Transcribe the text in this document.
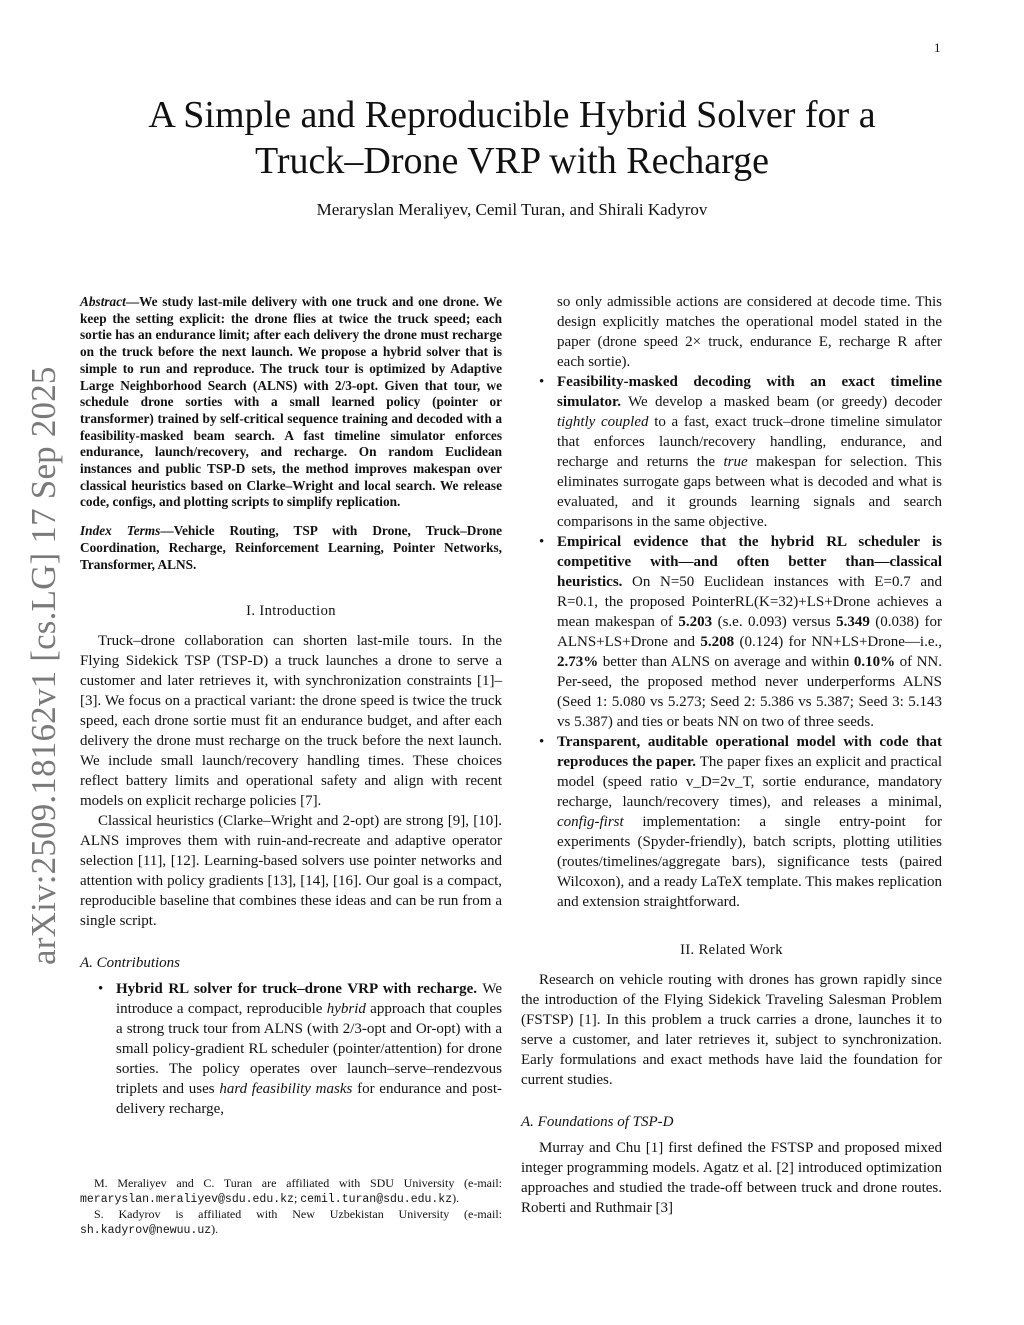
1
arXiv:2509.18162v1 [cs.LG] 17 Sep 2025
A Simple and Reproducible Hybrid Solver for a
Truck–Drone VRP with Recharge
Meraryslan Meraliyev, Cemil Turan, and Shirali Kadyrov

Abstract—We study last-mile delivery with one truck and one drone. We keep the setting explicit: the drone flies at twice the truck speed; each sortie has an endurance limit; after each delivery the drone must recharge on the truck before the next launch. We propose a hybrid solver that is simple to run and reproduce. The truck tour is optimized by Adaptive Large Neighborhood Search (ALNS) with 2/3-opt. Given that tour, we schedule drone sorties with a small learned policy (pointer or transformer) trained by self-critical sequence training and decoded with a feasibility-masked beam search. A fast timeline simulator enforces endurance, launch/recovery, and recharge. On random Euclidean instances and public TSP-D sets, the method improves makespan over classical heuristics based on Clarke–Wright and local search. We release code, configs, and plotting scripts to simplify replication.

Index Terms—Vehicle Routing, TSP with Drone, Truck–Drone Coordination, Recharge, Reinforcement Learning, Pointer Networks, Transformer, ALNS.

I. Introduction

Truck–drone collaboration can shorten last-mile tours. In the Flying Sidekick TSP (TSP-D) a truck launches a drone to serve a customer and later retrieves it, with synchronization constraints [1]–[3]. We focus on a practical variant: the drone speed is twice the truck speed, each drone sortie must fit an endurance budget, and after each delivery the drone must recharge on the truck before the next launch. We include small launch/recovery handling times. These choices reflect battery limits and operational safety and align with recent models on explicit recharge policies [7].

Classical heuristics (Clarke–Wright and 2-opt) are strong [9], [10]. ALNS improves them with ruin-and-recreate and adaptive operator selection [11], [12]. Learning-based solvers use pointer networks and attention with policy gradients [13], [14], [16]. Our goal is a compact, reproducible baseline that combines these ideas and can be run from a single script.

A. Contributions
• Hybrid RL solver for truck–drone VRP with recharge. We introduce a compact, reproducible hybrid approach that couples a strong truck tour from ALNS (with 2/3-opt and Or-opt) with a small policy-gradient RL scheduler (pointer/attention) for drone sorties. The policy operates over launch–serve–rendezvous triplets and uses hard feasibility masks for endurance and post-delivery recharge,

M. Meraliyev and C. Turan are affiliated with SDU University (e-mail: meraryslan.meraliyev@sdu.edu.kz; cemil.turan@sdu.edu.kz).

S. Kadyrov is affiliated with New Uzbekistan University (e-mail: sh.kadyrov@newuu.uz).

so only admissible actions are considered at decode time. This design explicitly matches the operational model stated in the paper (drone speed 2× truck, endurance E, recharge R after each sortie).
• Feasibility-masked decoding with an exact timeline simulator. We develop a masked beam (or greedy) decoder tightly coupled to a fast, exact truck–drone timeline simulator that enforces launch/recovery handling, endurance, and recharge and returns the true makespan for selection. This eliminates surrogate gaps between what is decoded and what is evaluated, and it grounds learning signals and search comparisons in the same objective.
• Empirical evidence that the hybrid RL scheduler is competitive with—and often better than—classical heuristics. On N=50 Euclidean instances with E=0.7 and R=0.1, the proposed PointerRL(K=32)+LS+Drone achieves a mean makespan of 5.203 (s.e. 0.093) versus 5.349 (0.038) for ALNS+LS+Drone and 5.208 (0.124) for NN+LS+Drone—i.e., 2.73% better than ALNS on average and within 0.10% of NN. Per-seed, the proposed method never underperforms ALNS (Seed 1: 5.080 vs 5.273; Seed 2: 5.386 vs 5.387; Seed 3: 5.143 vs 5.387) and ties or beats NN on two of three seeds.
• Transparent, auditable operational model with code that reproduces the paper. The paper fixes an explicit and practical model (speed ratio v_D=2v_T, sortie endurance, mandatory recharge, launch/recovery times), and releases a minimal, config-first implementation: a single entry-point for experiments (Spyder-friendly), batch scripts, plotting utilities (routes/timelines/aggregate bars), significance tests (paired Wilcoxon), and a ready LaTeX template. This makes replication and extension straightforward.
II. Related Work

Research on vehicle routing with drones has grown rapidly since the introduction of the Flying Sidekick Traveling Salesman Problem (FSTSP) [1]. In this problem a truck carries a drone, launches it to serve a customer, and later retrieves it, subject to synchronization. Early formulations and exact methods have laid the foundation for current studies.

A. Foundations of TSP-D

Murray and Chu [1] first defined the FSTSP and proposed mixed integer programming models. Agatz et al. [2] introduced optimization approaches and studied the trade-off between truck and drone routes. Roberti and Ruthmair [3]
